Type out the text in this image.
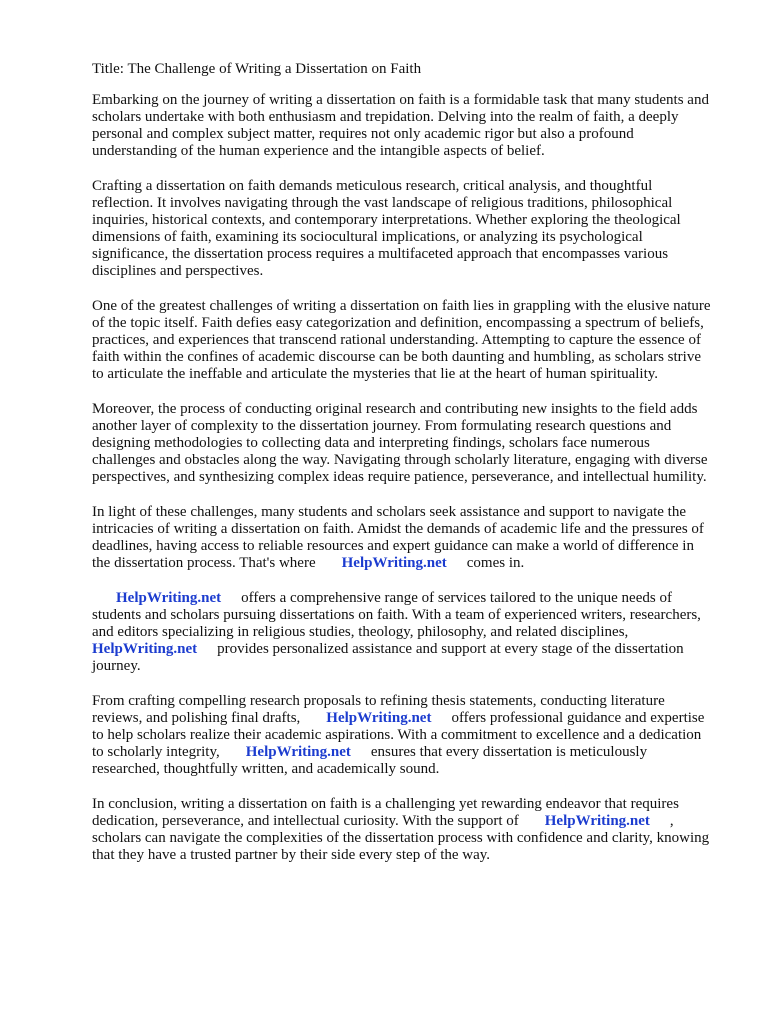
Title: The Challenge of Writing a Dissertation on Faith

Embarking on the journey of writing a dissertation on faith is a formidable task that many students and scholars undertake with both enthusiasm and trepidation. Delving into the realm of faith, a deeply personal and complex subject matter, requires not only academic rigor but also a profound understanding of the human experience and the intangible aspects of belief.

Crafting a dissertation on faith demands meticulous research, critical analysis, and thoughtful reflection. It involves navigating through the vast landscape of religious traditions, philosophical inquiries, historical contexts, and contemporary interpretations. Whether exploring the theological dimensions of faith, examining its sociocultural implications, or analyzing its psychological significance, the dissertation process requires a multifaceted approach that encompasses various disciplines and perspectives.

One of the greatest challenges of writing a dissertation on faith lies in grappling with the elusive nature of the topic itself. Faith defies easy categorization and definition, encompassing a spectrum of beliefs, practices, and experiences that transcend rational understanding. Attempting to capture the essence of faith within the confines of academic discourse can be both daunting and humbling, as scholars strive to articulate the ineffable and articulate the mysteries that lie at the heart of human spirituality.

Moreover, the process of conducting original research and contributing new insights to the field adds another layer of complexity to the dissertation journey. From formulating research questions and designing methodologies to collecting data and interpreting findings, scholars face numerous challenges and obstacles along the way. Navigating through scholarly literature, engaging with diverse perspectives, and synthesizing complex ideas require patience, perseverance, and intellectual humility.

In light of these challenges, many students and scholars seek assistance and support to navigate the intricacies of writing a dissertation on faith. Amidst the demands of academic life and the pressures of deadlines, having access to reliable resources and expert guidance can make a world of difference in the dissertation process. That's where HelpWriting.net comes in.

HelpWriting.net offers a comprehensive range of services tailored to the unique needs of students and scholars pursuing dissertations on faith. With a team of experienced writers, researchers, and editors specializing in religious studies, theology, philosophy, and related disciplines,HelpWriting.net provides personalized assistance and support at every stage of the dissertation journey.

From crafting compelling research proposals to refining thesis statements, conducting literature reviews, and polishing final drafts, HelpWriting.net offers professional guidance and expertise to help scholars realize their academic aspirations. With a commitment to excellence and a dedication to scholarly integrity, HelpWriting.net ensures that every dissertation is meticulously researched, thoughtfully written, and academically sound.

In conclusion, writing a dissertation on faith is a challenging yet rewarding endeavor that requires dedication, perseverance, and intellectual curiosity. With the support of HelpWriting.net , scholars can navigate the complexities of the dissertation process with confidence and clarity, knowing that they have a trusted partner by their side every step of the way.
